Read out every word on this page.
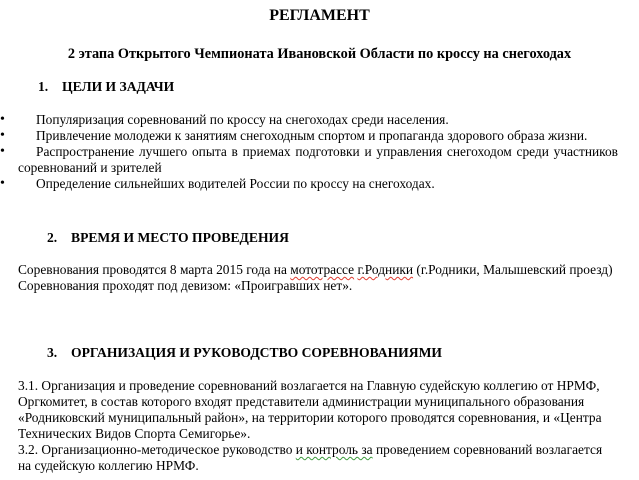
РЕГЛАМЕНТ
2 этапа Открытого Чемпионата Ивановской Области по кроссу на снегоходах
1. ЦЕЛИ И ЗАДАЧИ
• Популяризация соревнований по кроссу на снегоходах среди населения.
• Привлечение молодежи к занятиям снегоходным спортом и пропаганда здорового образа жизни.
• Распространение лучшего опыта в приемах подготовки и управления снегоходом среди участников соревнований и зрителей
• Определение сильнейших водителей России по кроссу на снегоходах.
2. ВРЕМЯ И МЕСТО ПРОВЕДЕНИЯ

Соревнования проводятся 8 марта 2015 года на мототрассе г.Родники (г.Родники, Малышевский проезд)

Соревнования проходят под девизом: «Проигравших нет».

3. ОРГАНИЗАЦИЯ И РУКОВОДСТВО СОРЕВНОВАНИЯМИ

3.1. Организация и проведение соревнований возлагается на Главную судейскую коллегию от НРМФ, Оргкомитет, в состав которого входят представители администрации муниципального образования «Родниковский муниципальный район», на территории которого проводятся соревнования, и «Центра Технических Видов Спорта Семигорье».

3.2. Организационно-методическое руководство и контроль за проведением соревнований возлагается на судейскую коллегию НРМФ.
